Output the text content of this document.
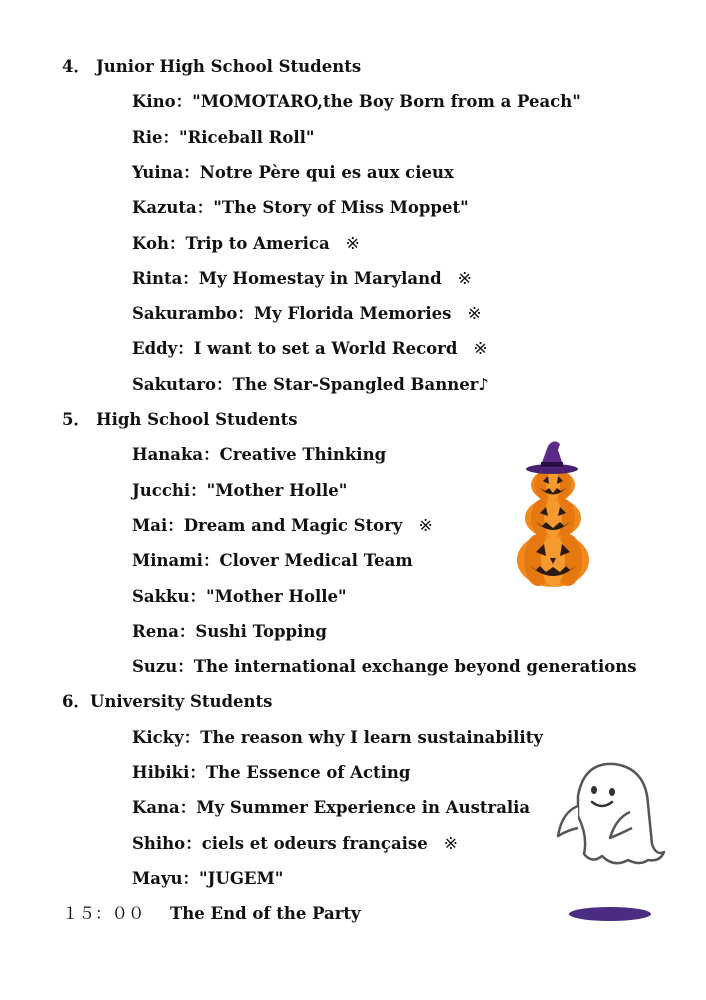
4． Junior High School Students
Kino："MOMOTARO,the Boy Born from a Peach"
Rie："Riceball Roll"
Yuina：Notre Père qui es aux cieux
Kazuta："The Story of Miss Moppet"
Koh：Trip to America ※
Rinta：My Homestay in Maryland ※
Sakurambo：My Florida Memories ※
Eddy：I want to set a World Record ※
Sakutaro：The Star-Spangled Banner♪
5． High School Students
Hanaka：Creative Thinking
Jucchi："Mother Holle"
Mai：Dream and Magic Story ※
Minami：Clover Medical Team
Sakku："Mother Holle"
Rena：Sushi Topping
Suzu：The international exchange beyond generations
6．University Students
Kicky：The reason why I learn sustainability
Hibiki：The Essence of Acting
Kana：My Summer Experience in Australia
Shiho：ciels et odeurs française ※
Mayu："JUGEM"
１５：００ The End of the Party
